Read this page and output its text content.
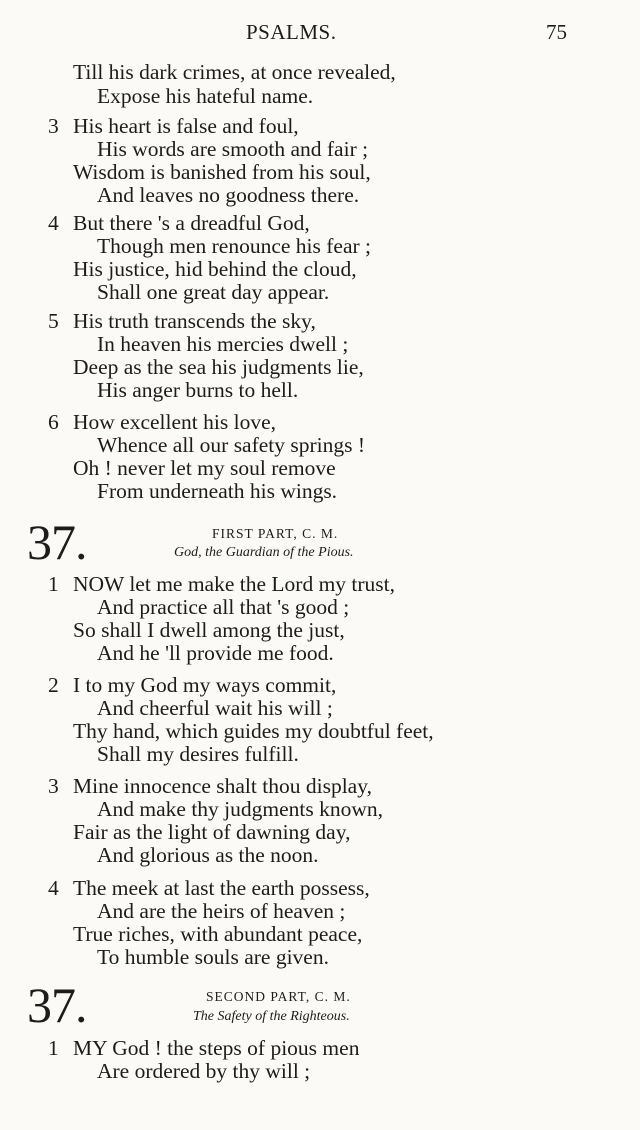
PSALMS.	75
Till his dark crimes, at once revealed,
Expose his hateful name.
3 His heart is false and foul,
His words are smooth and fair ;
Wisdom is banished from his soul,
And leaves no goodness there.
4 But there 's a dreadful God,
Though men renounce his fear ;
His justice, hid behind the cloud,
Shall one great day appear.
5 His truth transcends the sky,
In heaven his mercies dwell ;
Deep as the sea his judgments lie,
His anger burns to hell.
6 How excellent his love,
Whence all our safety springs !
Oh ! never let my soul remove
From underneath his wings.
37.	FIRST PART, C. M.
God, the Guardian of the Pious.
1 NOW let me make the Lord my trust,
And practice all that 's good ;
So shall I dwell among the just,
And he 'll provide me food.
2 I to my God my ways commit,
And cheerful wait his will ;
Thy hand, which guides my doubtful feet,
Shall my desires fulfill.
3 Mine innocence shalt thou display,
And make thy judgments known,
Fair as the light of dawning day,
And glorious as the noon.
4 The meek at last the earth possess,
And are the heirs of heaven ;
True riches, with abundant peace,
To humble souls are given.
37.	SECOND PART, C. M.
The Safety of the Righteous.
1 MY God ! the steps of pious men
Are ordered by thy will ;
